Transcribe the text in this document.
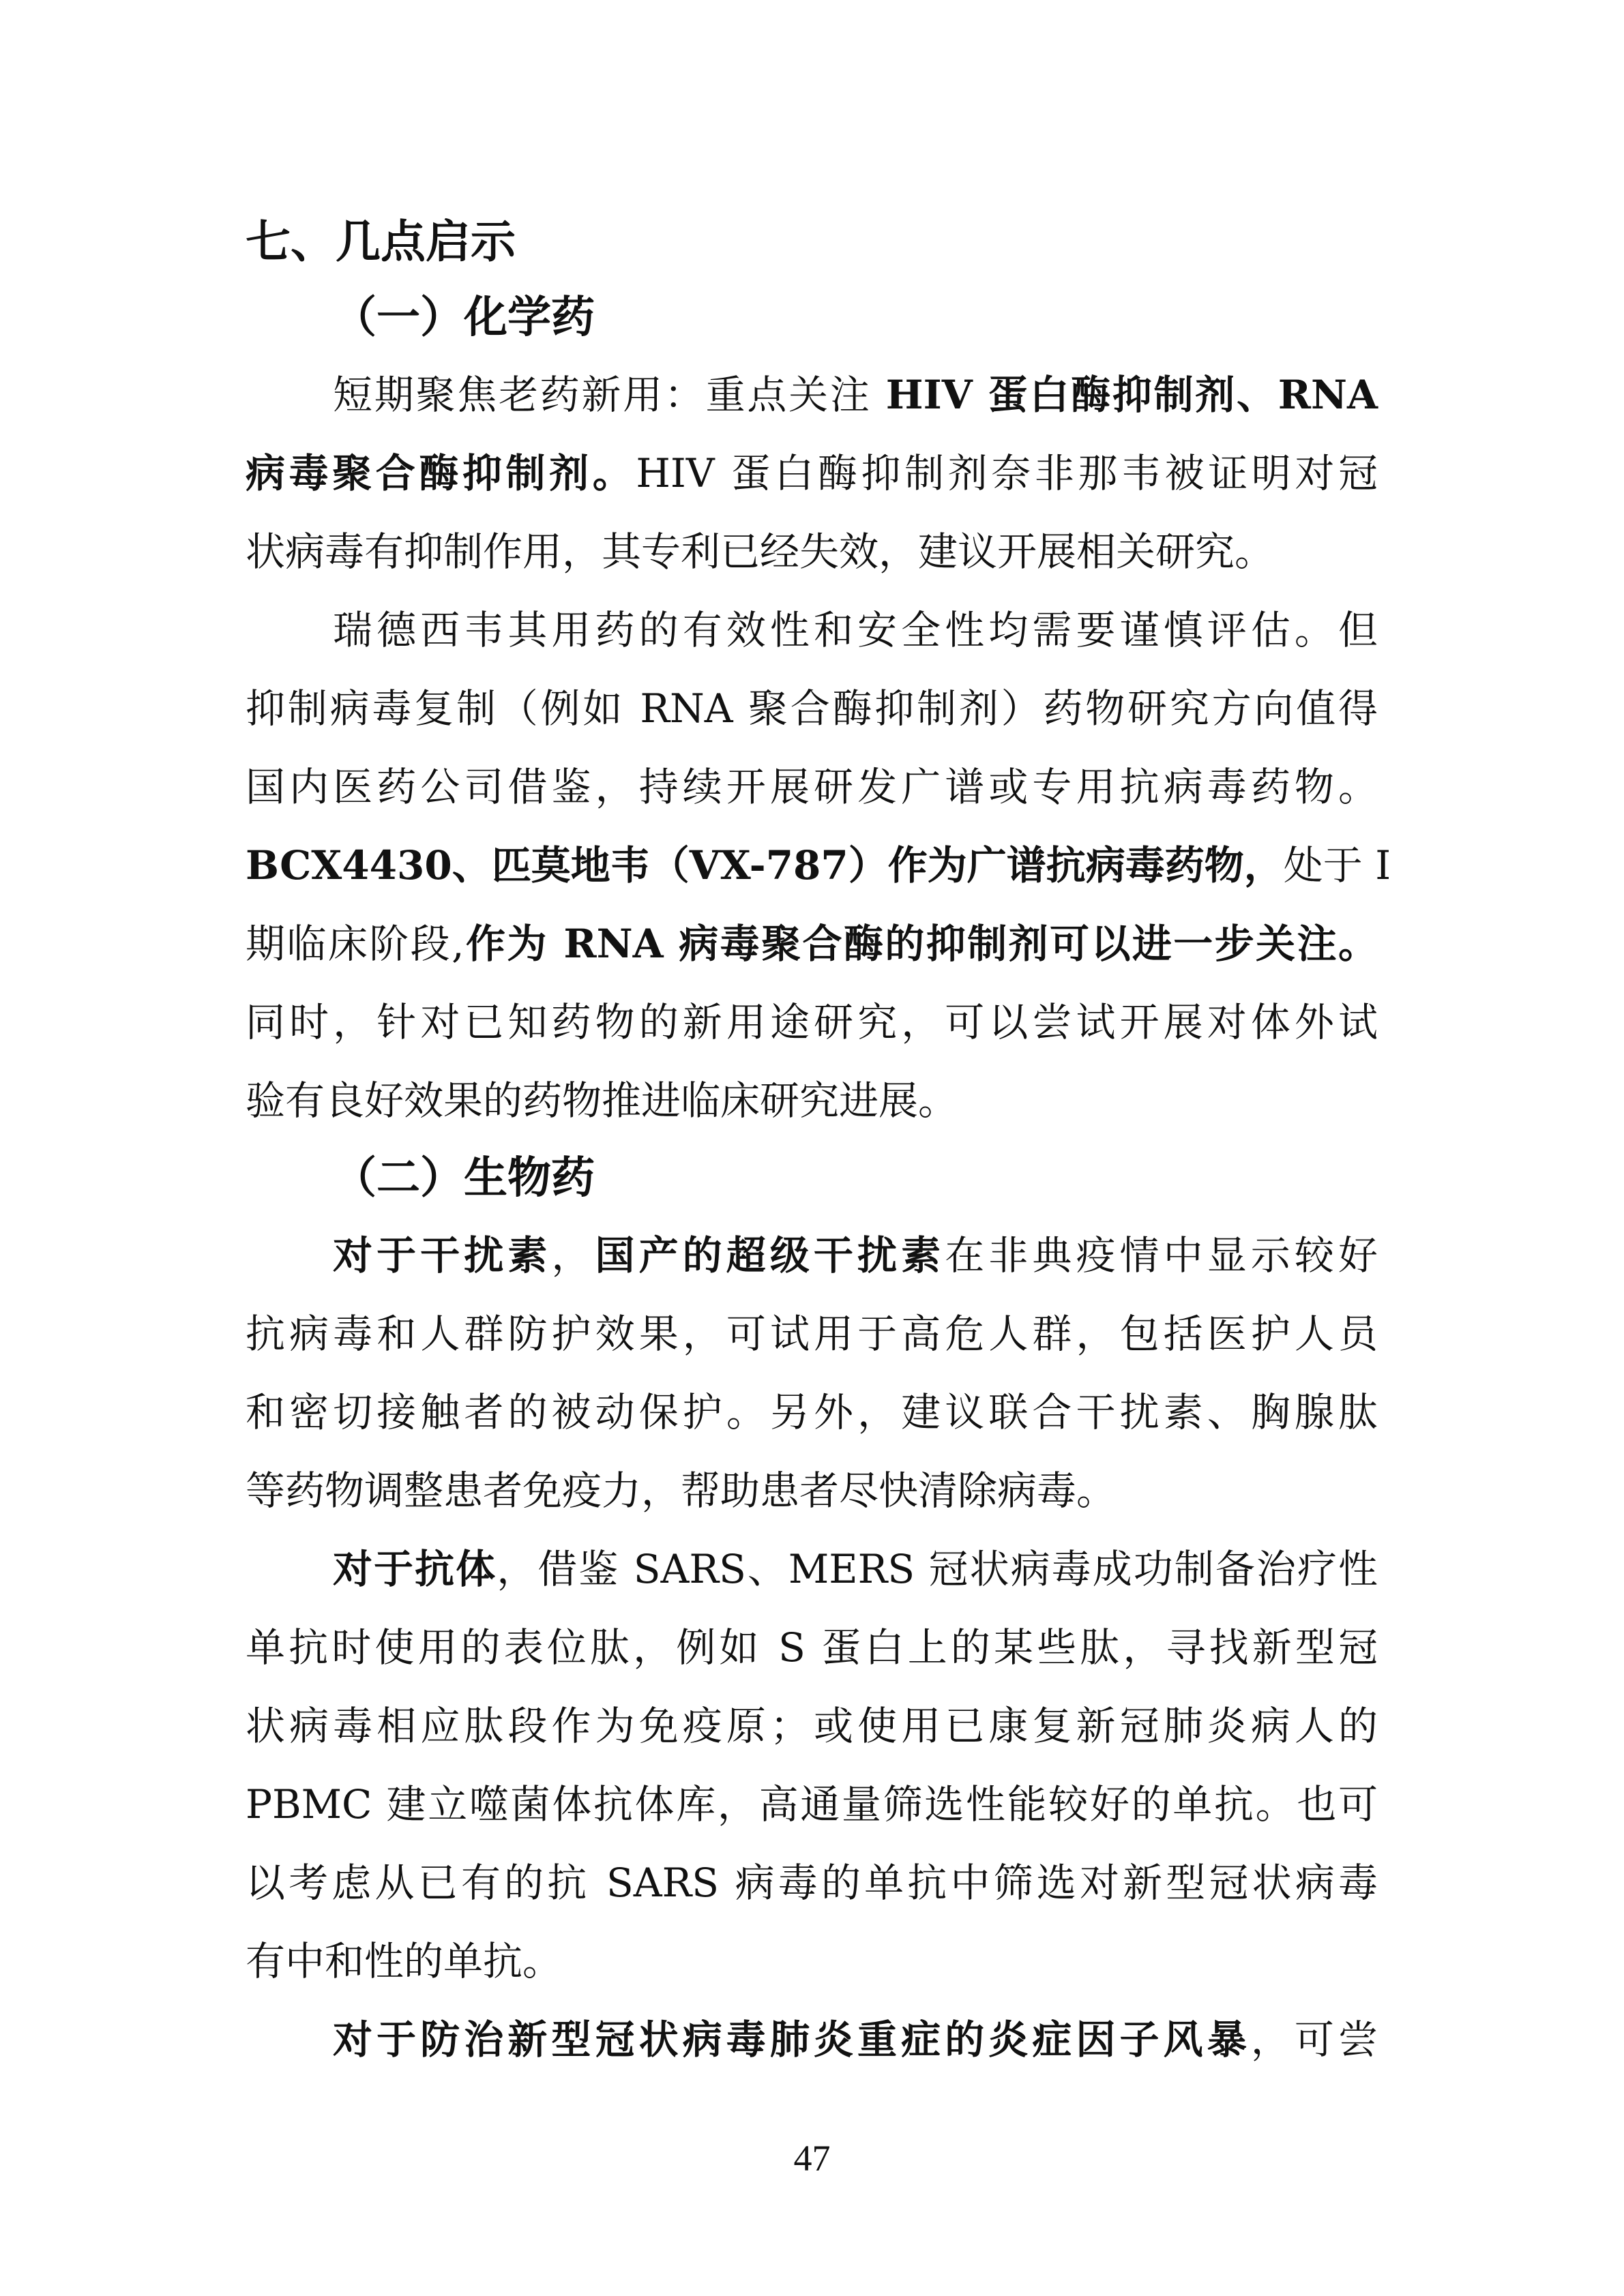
七、几点启示
（一）化学药

短期聚焦老药新用：重点关注 HIV 蛋白酶抑制剂、RNA
病毒聚合酶抑制剂。HIV 蛋白酶抑制剂奈非那韦被证明对冠
状病毒有抑制作用，其专利已经失效，建议开展相关研究。

瑞德西韦其用药的有效性和安全性均需要谨慎评估。但
抑制病毒复制（例如 RNA 聚合酶抑制剂）药物研究方向值得
国内医药公司借鉴，持续开展研发广谱或专用抗病毒药物。
BCX4430、匹莫地韦（VX-787）作为广谱抗病毒药物，处于 I
期临床阶段,作为 RNA 病毒聚合酶的抑制剂可以进一步关注。
同时，针对已知药物的新用途研究，可以尝试开展对体外试
验有良好效果的药物推进临床研究进展。

（二）生物药

对于干扰素，国产的超级干扰素在非典疫情中显示较好
抗病毒和人群防护效果，可试用于高危人群，包括医护人员
和密切接触者的被动保护。另外，建议联合干扰素、胸腺肽
等药物调整患者免疫力，帮助患者尽快清除病毒。

对于抗体，借鉴 SARS、MERS 冠状病毒成功制备治疗性
单抗时使用的表位肽，例如 S 蛋白上的某些肽，寻找新型冠
状病毒相应肽段作为免疫原；或使用已康复新冠肺炎病人的
PBMC 建立噬菌体抗体库，高通量筛选性能较好的单抗。也可
以考虑从已有的抗 SARS 病毒的单抗中筛选对新型冠状病毒
有中和性的单抗。

对于防治新型冠状病毒肺炎重症的炎症因子风暴，可尝

47
